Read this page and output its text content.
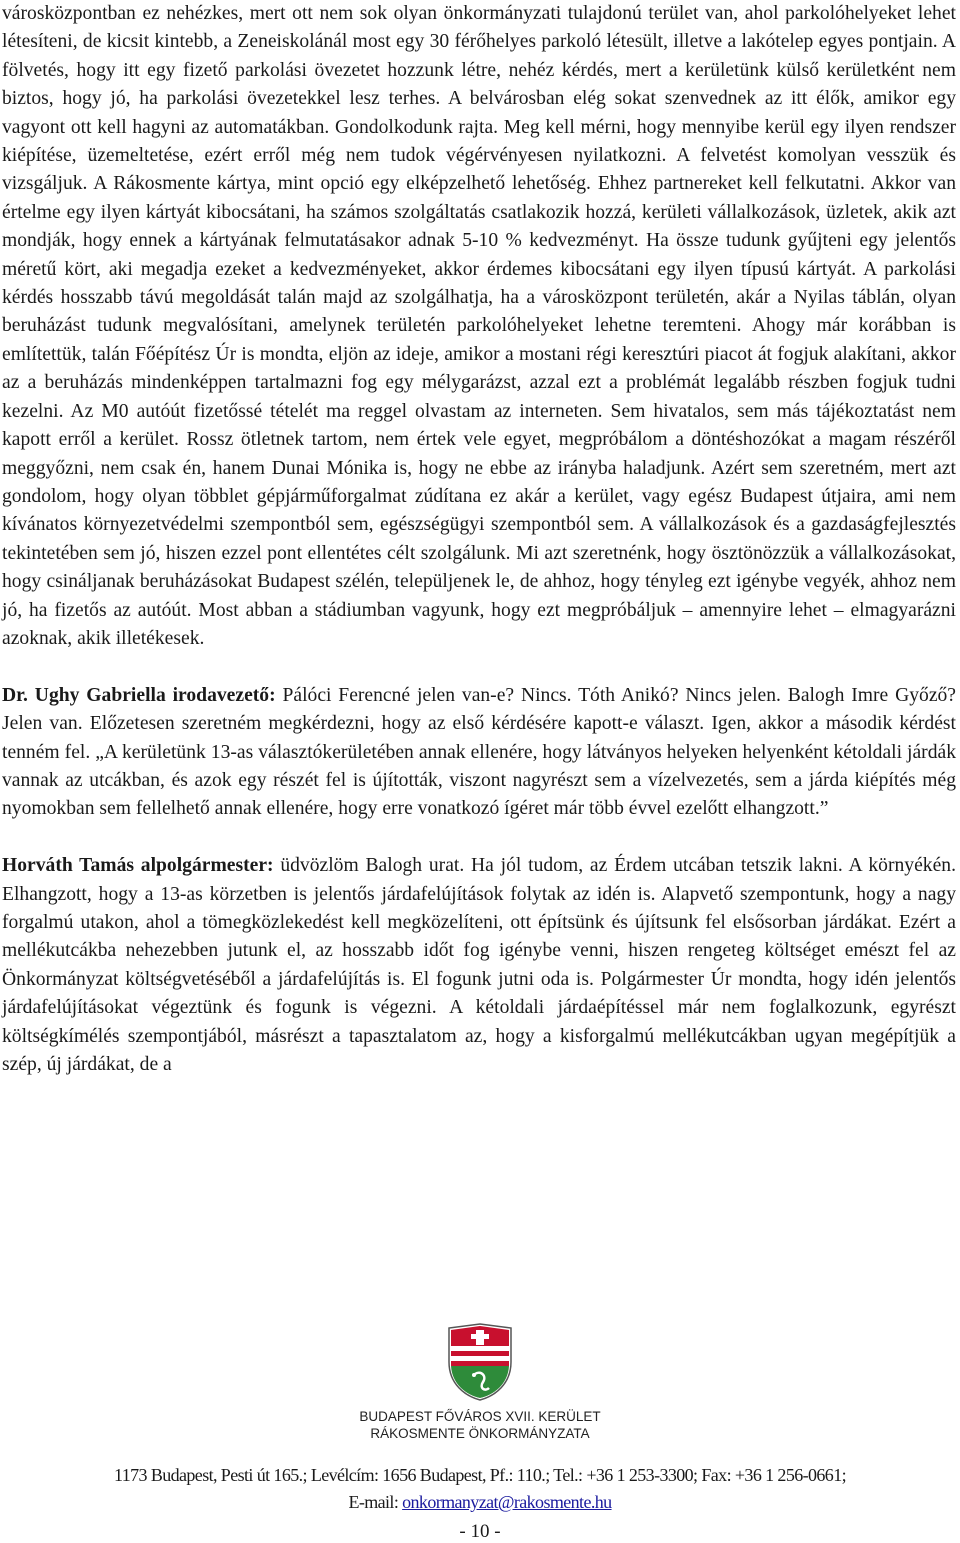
városközpontban ez nehézkes, mert ott nem sok olyan önkormányzati tulajdonú terület van, ahol parkolóhelyeket lehet létesíteni, de kicsit kintebb, a Zeneiskolánál most egy 30 férőhelyes parkoló létesült, illetve a lakótelep egyes pontjain. A fölvetés, hogy itt egy fizető parkolási övezetet hozzunk létre, nehéz kérdés, mert a kerületünk külső kerületként nem biztos, hogy jó, ha parkolási övezetekkel lesz terhes. A belvárosban elég sokat szenvednek az itt élők, amikor egy vagyont ott kell hagyni az automatákban. Gondolkodunk rajta. Meg kell mérni, hogy mennyibe kerül egy ilyen rendszer kiépítése, üzemeltetése, ezért erről még nem tudok végérvényesen nyilatkozni. A felvetést komolyan vesszük és vizsgáljuk. A Rákosmente kártya, mint opció egy elképzelhető lehetőség. Ehhez partnereket kell felkutatni. Akkor van értelme egy ilyen kártyát kibocsátani, ha számos szolgáltatás csatlakozik hozzá, kerületi vállalkozások, üzletek, akik azt mondják, hogy ennek a kártyának felmutatásakor adnak 5-10 % kedvezményt. Ha össze tudunk gyűjteni egy jelentős méretű kört, aki megadja ezeket a kedvezményeket, akkor érdemes kibocsátani egy ilyen típusú kártyát. A parkolási kérdés hosszabb távú megoldását talán majd az szolgálhatja, ha a városközpont területén, akár a Nyilas táblán, olyan beruházást tudunk megvalósítani, amelynek területén parkolóhelyeket lehetne teremteni. Ahogy már korábban is említettük, talán Főépítész Úr is mondta, eljön az ideje, amikor a mostani régi keresztúri piacot át fogjuk alakítani, akkor az a beruházás mindenképpen tartalmazni fog egy mélygarázst, azzal ezt a problémát legalább részben fogjuk tudni kezelni. Az M0 autóút fizetőssé tételét ma reggel olvastam az interneten. Sem hivatalos, sem más tájékoztatást nem kapott erről a kerület. Rossz ötletnek tartom, nem értek vele egyet, megpróbálom a döntéshozókat a magam részéről meggyőzni, nem csak én, hanem Dunai Mónika is, hogy ne ebbe az irányba haladjunk. Azért sem szeretném, mert azt gondolom, hogy olyan többlet gépjárműforgalmat zúdítana ez akár a kerület, vagy egész Budapest útjaira, ami nem kívánatos környezetvédelmi szempontból sem, egészségügyi szempontból sem. A vállalkozások és a gazdaságfejlesztés tekintetében sem jó, hiszen ezzel pont ellentétes célt szolgálunk. Mi azt szeretnénk, hogy ösztönözzük a vállalkozásokat, hogy csináljanak beruházásokat Budapest szélén, települjenek le, de ahhoz, hogy tényleg ezt igénybe vegyék, ahhoz nem jó, ha fizetős az autóút. Most abban a stádiumban vagyunk, hogy ezt megpróbáljuk – amennyire lehet – elmagyarázni azoknak, akik illetékesek.

Dr. Ughy Gabriella irodavezető: Pálóci Ferencné jelen van-e? Nincs. Tóth Anikó? Nincs jelen. Balogh Imre Győző? Jelen van. Előzetesen szeretném megkérdezni, hogy az első kérdésére kapott-e választ. Igen, akkor a második kérdést tenném fel. „A kerületünk 13-as választókerületében annak ellenére, hogy látványos helyeken helyenként kétoldali járdák vannak az utcákban, és azok egy részét fel is újították, viszont nagyrészt sem a vízelvezetés, sem a járda kiépítés még nyomokban sem fellelhető annak ellenére, hogy erre vonatkozó ígéret már több évvel ezelőtt elhangzott.”

Horváth Tamás alpolgármester: üdvözlöm Balogh urat. Ha jól tudom, az Érdem utcában tetszik lakni. A környékén. Elhangzott, hogy a 13-as körzetben is jelentős járdafelújítások folytak az idén is. Alapvető szempontunk, hogy a nagy forgalmú utakon, ahol a tömegközlekedést kell megközelíteni, ott építsünk és újítsunk fel elsősorban járdákat. Ezért a mellékutcákba nehezebben jutunk el, az hosszabb időt fog igénybe venni, hiszen rengeteg költséget emészt fel az Önkormányzat költségvetéséből a járdafelújítás is. El fogunk jutni oda is. Polgármester Úr mondta, hogy idén jelentős járdafelújításokat végeztünk és fogunk is végezni. A kétoldali járdaépítéssel már nem foglalkozunk, egyrészt költségkímélés szempontjából, másrészt a tapasztalatom az, hogy a kisforgalmú mellékutcákban ugyan megépítjük a szép, új járdákat, de a

BUDAPEST FŐVÁROS XVII. KERÜLET
RÁKOSMENTE ÖNKORMÁNYZATA
1173 Budapest, Pesti út 165.; Levélcím: 1656 Budapest, Pf.: 110.; Tel.: +36 1 253-3300; Fax: +36 1 256-0661;
E-mail: onkormanyzat@rakosmente.hu
- 10 -
